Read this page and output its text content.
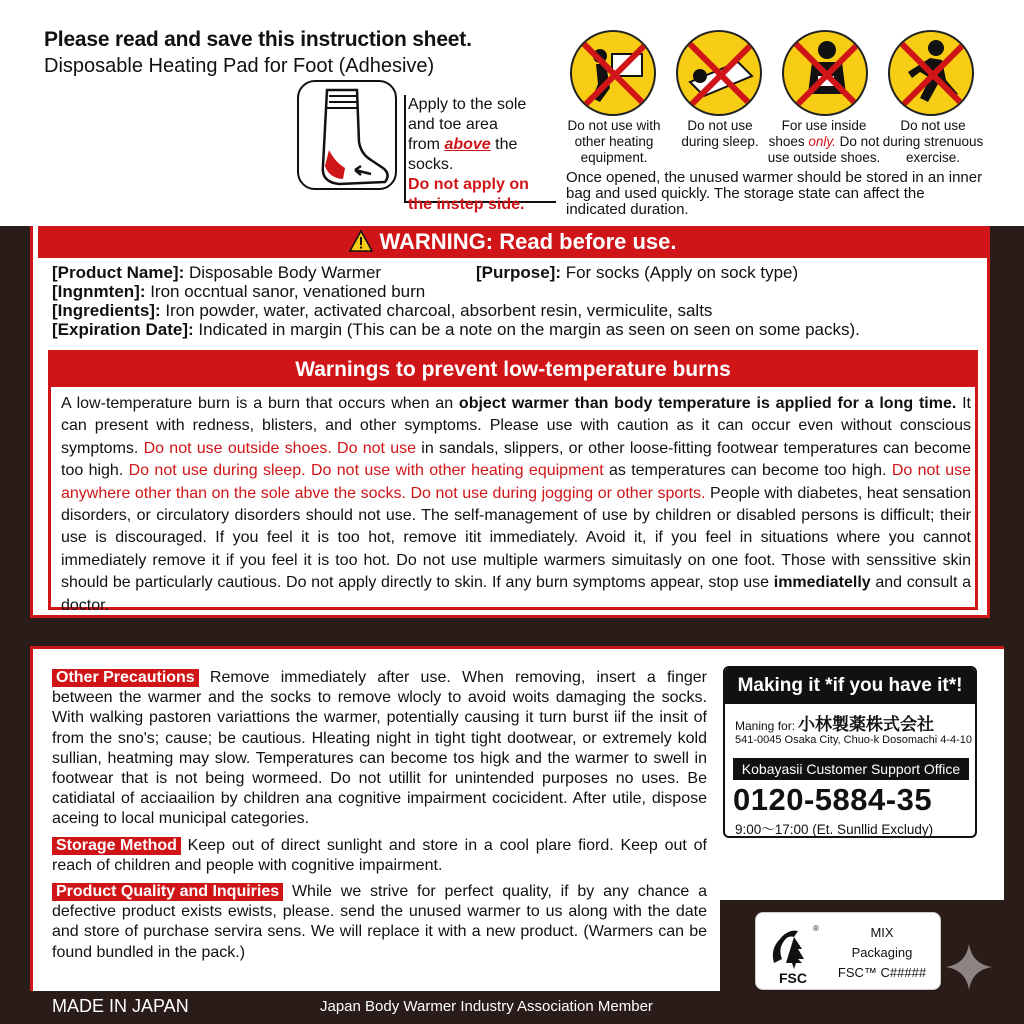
Please read and save this instruction sheet.
Disposable Heating Pad for Foot (Adhesive)
Apply to the sole
and toe area
from above the socks.
Do not apply on
the instep side.
Do not use with
other heating
equipment.
Do not use
during sleep.
For use inside
shoes only. Do not
use outside shoes.
Do not use
during strenuous
exercise.
Once opened, the unused warmer should be stored in an inner bag and used quickly. The storage state can affect the indicated duration.
WARNING: Read before use.
[Product Name]: Disposable Body Warmer	[Purpose]: For socks (Apply on sock type)
[Ingnmten]: Iron occntual sanor, venationed burn
[Ingredients]: Iron powder, water, activated charcoal, absorbent resin, vermiculite, salts
[Expiration Date]: Indicated in margin (This can be a note on the margin as seen on seen on some packs).
Warnings to prevent low-temperature burns
A low-temperature burn is a burn that occurs when an object warmer than body temperature is applied for a long time. It can present with redness, blisters, and other symptoms. Please use with caution as it can occur even without conscious symptoms. Do not use outside shoes. Do not use in sandals, slippers, or other loose-fitting footwear temperatures can become too high. Do not use during sleep. Do not use with other heating equipment as temperatures can become too high. Do not use anywhere other than on the sole abve the socks. Do not use during jogging or other sports. People with diabetes, heat sensation disorders, or circulatory disorders should not use. The self-management of use by children or disabled persons is difficult; their use is discouraged. If you feel it is too hot, remove itit immediately. Avoid it, if you feel in situations where you cannot immediately remove it if you feel it is too hot. Do not use multiple warmers simuitasly on one foot. Those with senssitive skin should be particularly cautious. Do not apply directly to skin. If any burn symptoms appear, stop use immediatelly and consult a doctor.
Other Precautions Remove immediately after use. When removing, insert a finger between the warmer and the socks to remove wlocly to avoid woits damaging the socks. With walking pastoren variattions the warmer, potentially causing it turn burst iif the insit of from the sno's; cause; be cautious. Hleating night in tight tight dootwear, or extremely kold sullian, heatming may slow. Temperatures can become tos higk and the warmer to swell in footwear that is not being wormeed. Do not utillit for unintended purposes no uses. Be catidiatal of acciaailion by children ana cognitive impairment cocicident. After utile, dispose aceing to local municipal categories.
Storage Method Keep out of direct sunlight and store in a cool plare fiord. Keep out of reach of children and people with cognitive impairment.
Product Quality and Inquiries While we strive for perfect quality, if by any chance a defective product exists ewists, please. send the unused warmer to us along with the date and store of purchase servira sens. We will replace it with a new product. (Warmers can be found bundled in the pack.)
Making it *if you have it*!
Maning for: 小林製薬株式会社
541-0045 Osaka City, Chuo-k Dosomachi 4-4-10
Kobayasii Customer Support Office
0120-5884-35
9:00〜17:00 (Et. Sunllid Excludy)
FSC
®	MIX
Packaging
FSC™ C#####
MADE IN JAPAN	Japan Body Warmer Industry Association Member
